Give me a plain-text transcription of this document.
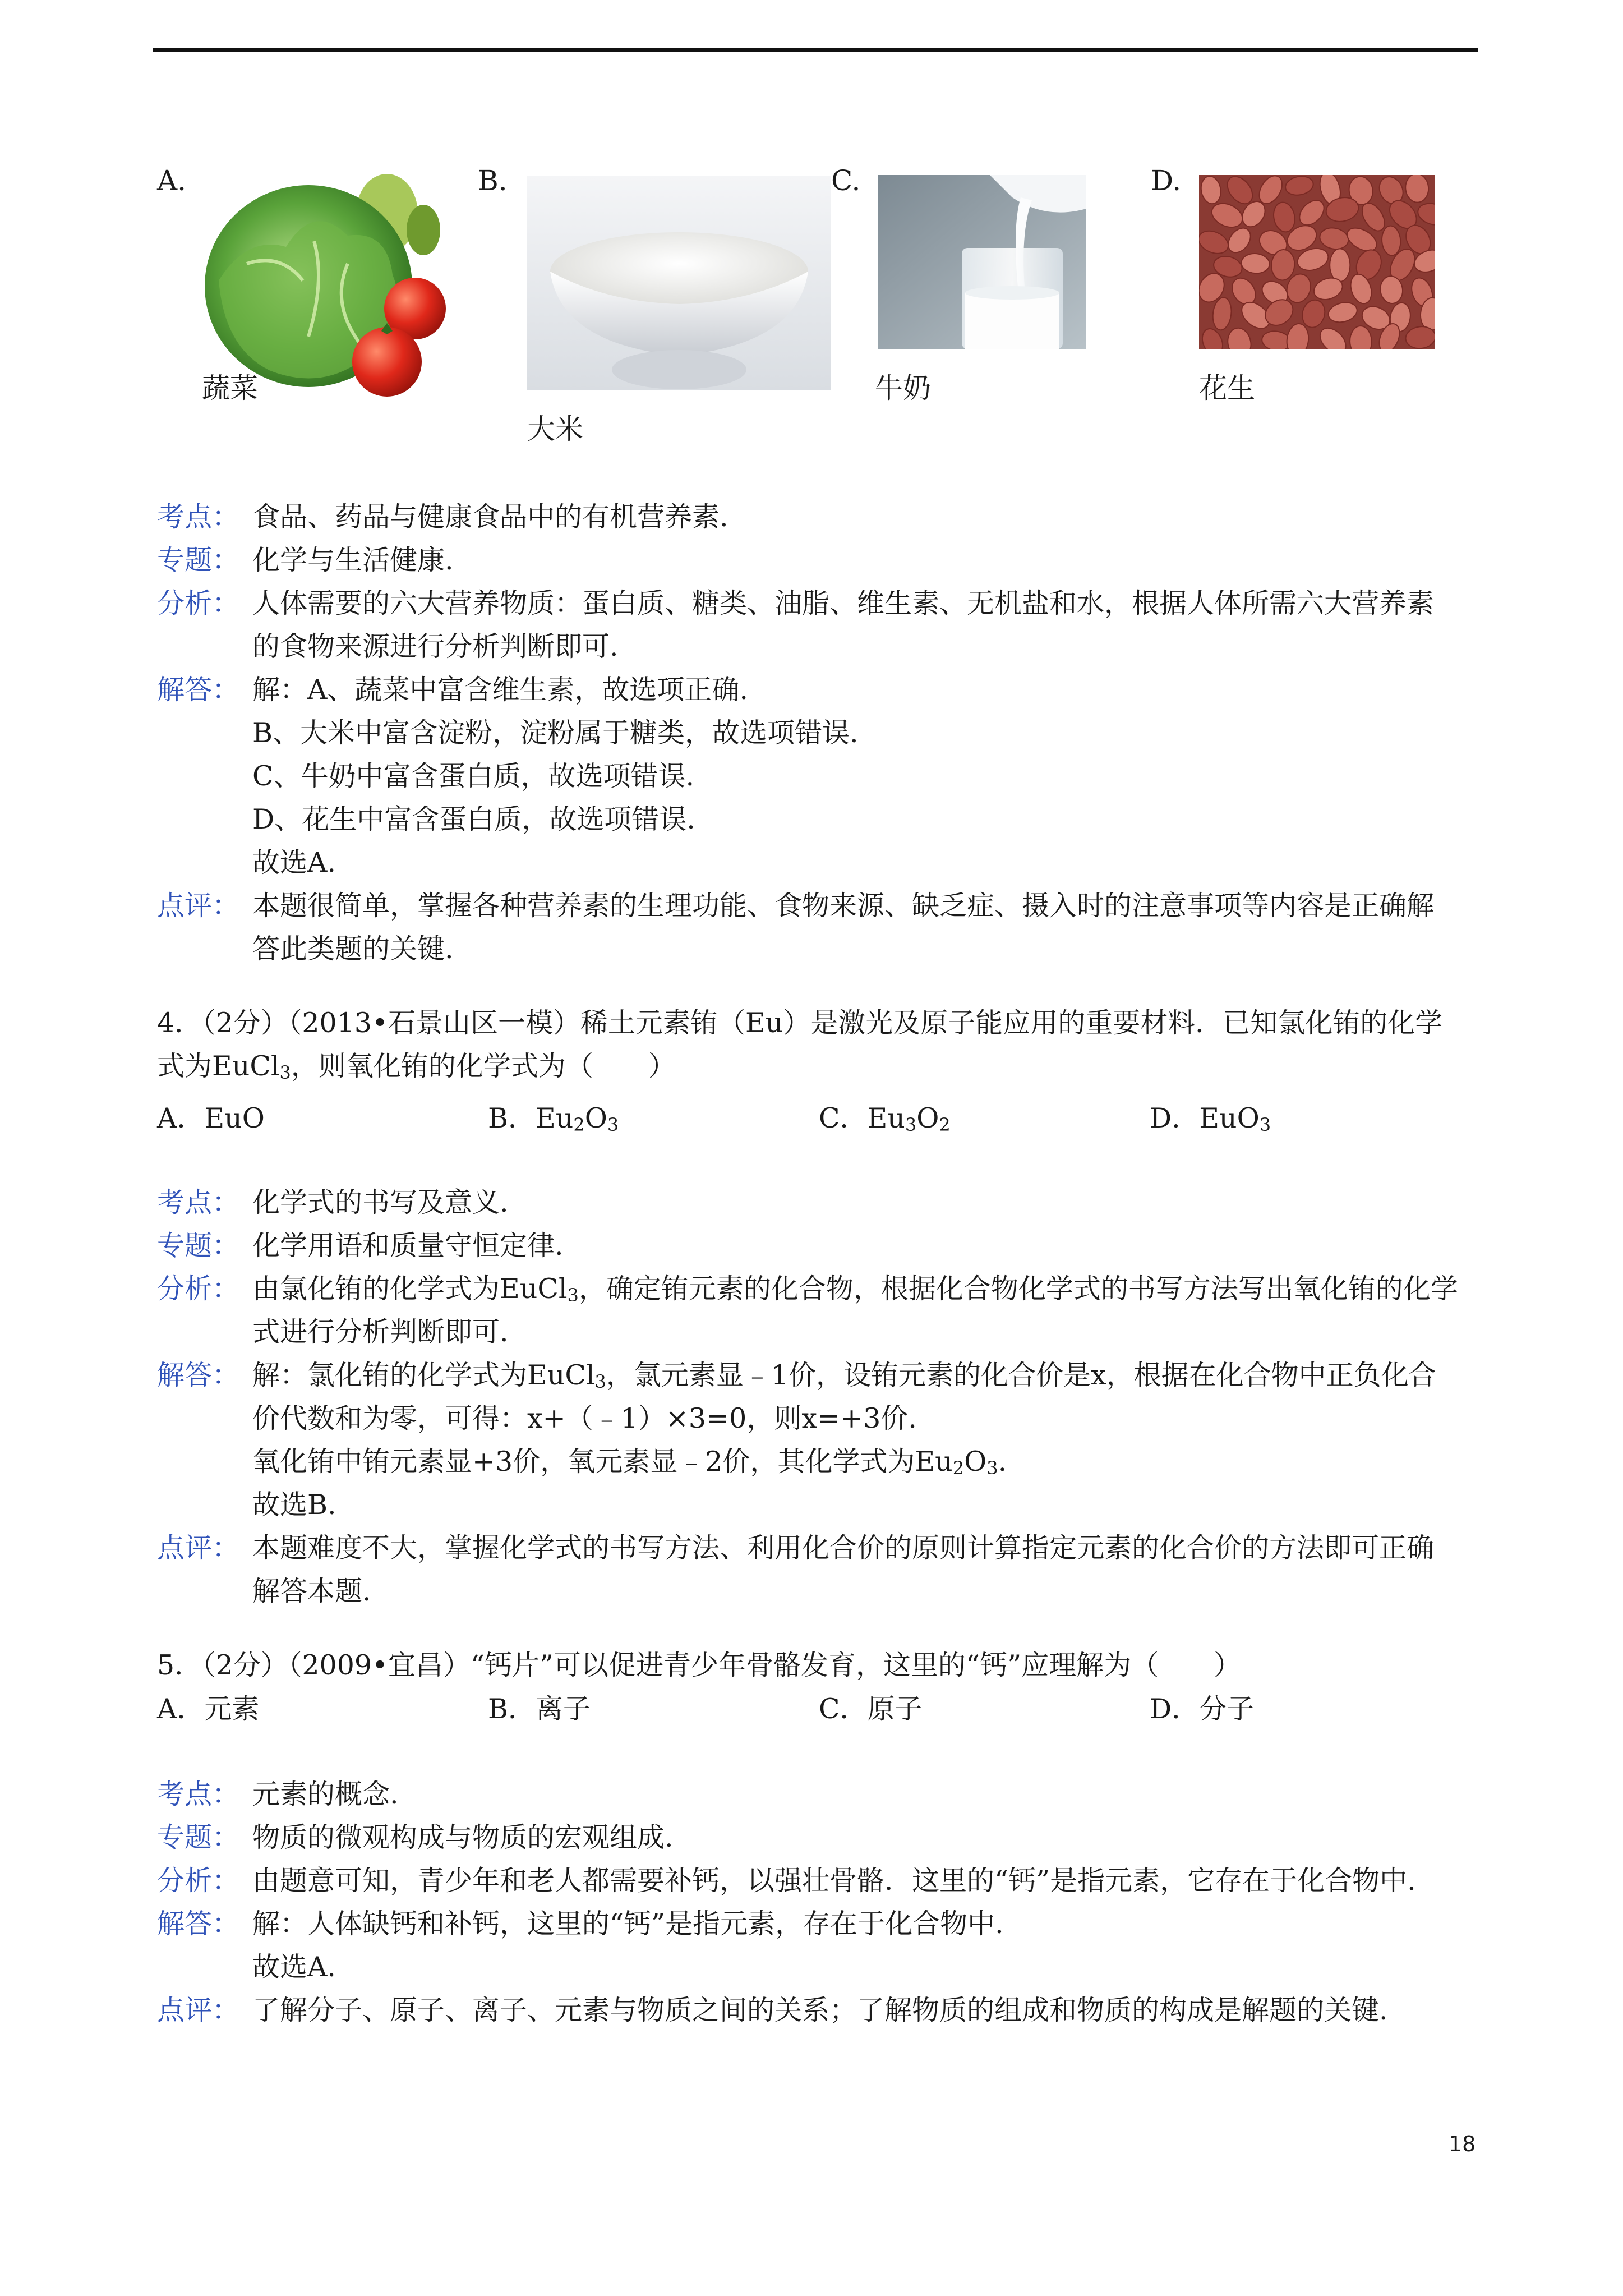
A.
蔬菜
B.
大米
C.
牛奶
D.
花生
考点： 食品、药品与健康食品中的有机营养素.
专题： 化学与生活健康.
分析： 人体需要的六大营养物质：蛋白质、糖类、油脂、维生素、无机盐和水，根据人体所需六大营养素
的食物来源进行分析判断即可.
解答： 解：A、蔬菜中富含维生素，故选项正确.
B、大米中富含淀粉，淀粉属于糖类，故选项错误.
C、牛奶中富含蛋白质，故选项错误.
D、花生中富含蛋白质，故选项错误.
故选A.
点评： 本题很简单，掌握各种营养素的生理功能、食物来源、缺乏症、摄入时的注意事项等内容是正确解
答此类题的关键.
4．（2分）（2013•石景山区一模）稀土元素铕（Eu）是激光及原子能应用的重要材料．已知氯化铕的化学
式为EuCl$_3$，则氧化铕的化学式为（　　）
A．EuO	B．$Eu_2O_3$	C．$Eu_3O_2$	D．EuO$_3$
考点： 化学式的书写及意义.
专题： 化学用语和质量守恒定律.
分析： 由氯化铕的化学式为EuCl$_3$，确定铕元素的化合物，根据化合物化学式的书写方法写出氧化铕的化学
式进行分析判断即可.
解答： 解：氯化铕的化学式为EuCl$_3$，氯元素显﹣1价，设铕元素的化合价是x，根据在化合物中正负化合
价代数和为零，可得：x+（﹣1）×3=0，则x=+3价.
氧化铕中铕元素显+3价，氧元素显﹣2价，其化学式为$Eu_2O_3$.
故选B.
点评： 本题难度不大，掌握化学式的书写方法、利用化合价的原则计算指定元素的化合价的方法即可正确
解答本题.
5．（2分）（2009•宜昌）“钙片”可以促进青少年骨骼发育，这里的“钙”应理解为（　　）
A．元素	B．离子	C．原子	D．分子
考点： 元素的概念.
专题： 物质的微观构成与物质的宏观组成.
分析： 由题意可知，青少年和老人都需要补钙，以强壮骨骼．这里的“钙”是指元素，它存在于化合物中.
解答： 解：人体缺钙和补钙，这里的“钙”是指元素，存在于化合物中.
故选A.
点评： 了解分子、原子、离子、元素与物质之间的关系；了解物质的组成和物质的构成是解题的关键.
18
